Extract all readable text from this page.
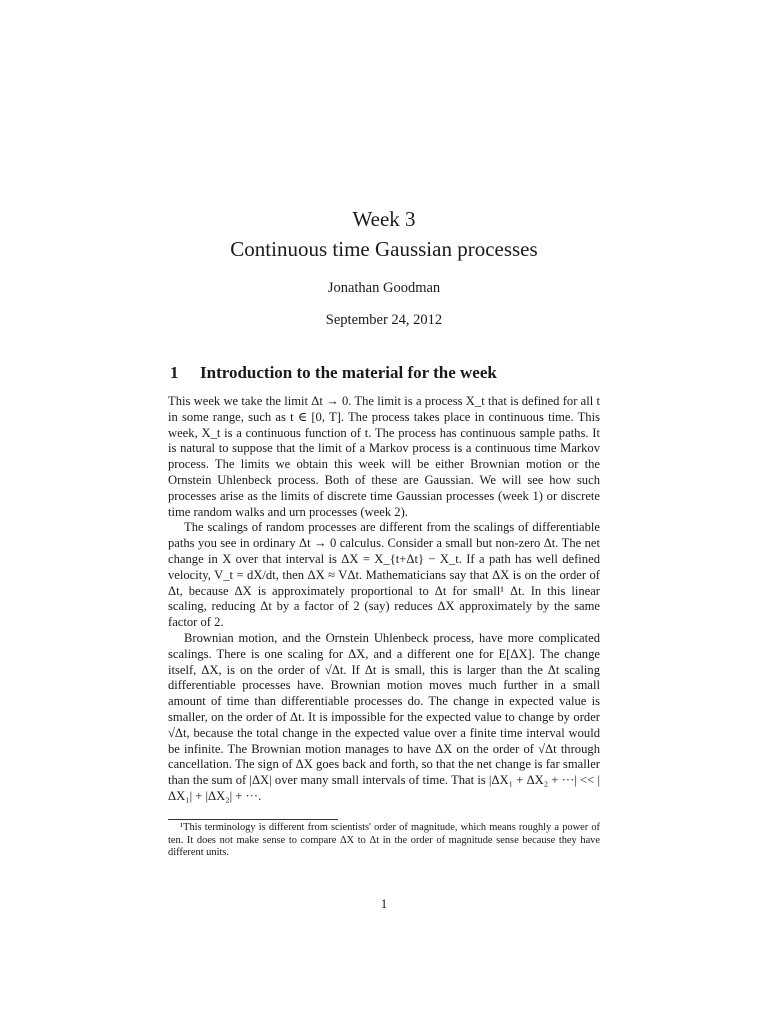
Week 3
Continuous time Gaussian processes
Jonathan Goodman
September 24, 2012
1 Introduction to the material for the week

This week we take the limit Δt → 0. The limit is a process X_t that is defined for all t in some range, such as t ∈ [0, T]. The process takes place in continuous time. This week, X_t is a continuous function of t. The process has continuous sample paths. It is natural to suppose that the limit of a Markov process is a continuous time Markov process. The limits we obtain this week will be either Brownian motion or the Ornstein Uhlenbeck process. Both of these are Gaussian. We will see how such processes arise as the limits of discrete time Gaussian processes (week 1) or discrete time random walks and urn processes (week 2).

The scalings of random processes are different from the scalings of differentiable paths you see in ordinary Δt → 0 calculus. Consider a small but non-zero Δt. The net change in X over that interval is ΔX = X_{t+Δt} − X_t. If a path has well defined velocity, V_t = dX/dt, then ΔX ≈ VΔt. Mathematicians say that ΔX is on the order of Δt, because ΔX is approximately proportional to Δt for small¹ Δt. In this linear scaling, reducing Δt by a factor of 2 (say) reduces ΔX approximately by the same factor of 2.

Brownian motion, and the Ornstein Uhlenbeck process, have more complicated scalings. There is one scaling for ΔX, and a different one for E[ΔX]. The change itself, ΔX, is on the order of √Δt. If Δt is small, this is larger than the Δt scaling differentiable processes have. Brownian motion moves much further in a small amount of time than differentiable processes do. The change in expected value is smaller, on the order of Δt. It is impossible for the expected value to change by order √Δt, because the total change in the expected value over a finite time interval would be infinite. The Brownian motion manages to have ΔX on the order of √Δt through cancellation. The sign of ΔX goes back and forth, so that the net change is far smaller than the sum of |ΔX| over many small intervals of time. That is |ΔX₁ + ΔX₂ + ···| << |ΔX₁| + |ΔX₂| + ···.

¹This terminology is different from scientists' order of magnitude, which means roughly a power of ten. It does not make sense to compare ΔX to Δt in the order of magnitude sense because they have different units.
1
